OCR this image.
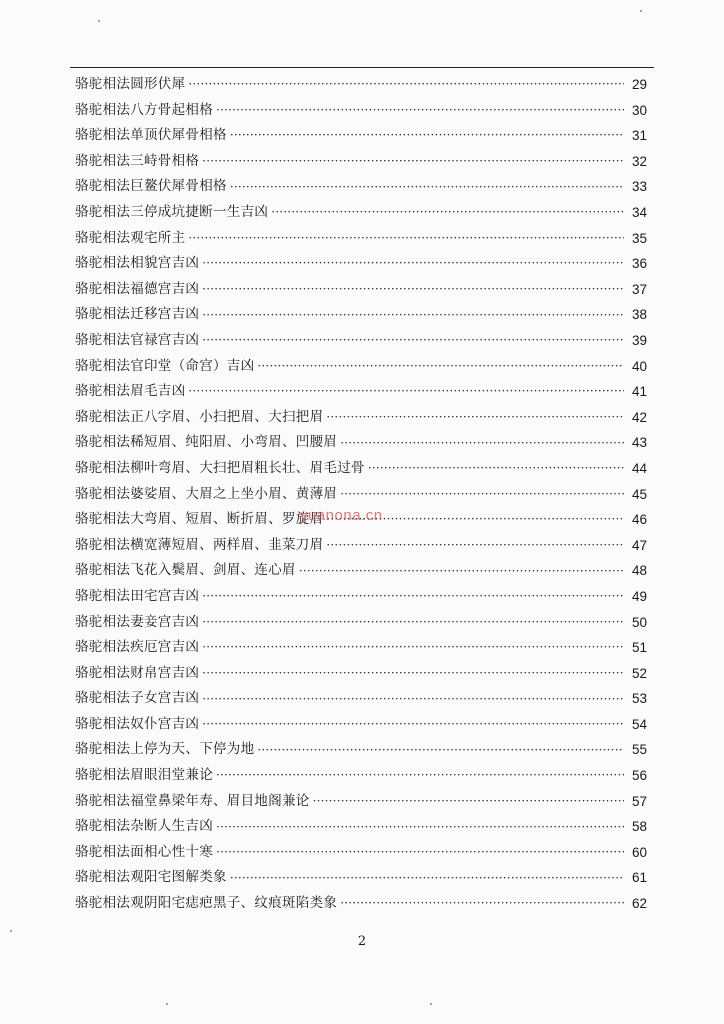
骆驼相法圆形伏犀 ·····	29
骆驼相法八方骨起相格 ·····	30
骆驼相法单顶伏犀骨相格 ·····	31
骆驼相法三峙骨相格 ·····	32
骆驼相法巨鳌伏犀骨相格 ·····	33
骆驼相法三停成坑捷断一生吉凶 ·····	34
骆驼相法观宅所主 ·····	35
骆驼相法相貌宫吉凶 ·····	36
骆驼相法福德宫吉凶 ·····	37
骆驼相法迁移宫吉凶 ·····	38
骆驼相法官禄宫吉凶 ·····	39
骆驼相法官印堂（命宫）吉凶 ·····	40
骆驼相法眉毛吉凶 ·····	41
骆驼相法正八字眉、小扫把眉、大扫把眉 ·····	42
骆驼相法稀短眉、纯阳眉、小弯眉、凹腰眉 ·····	43
骆驼相法柳叶弯眉、大扫把眉粗长壮、眉毛过骨 ·····	44
骆驼相法婆娑眉、大眉之上坐小眉、黄薄眉 ·····	45
骆驼相法大弯眉、短眉、断折眉、罗旋眉 ·····	46
骆驼相法横宽薄短眉、两样眉、韭菜刀眉 ·····	47
骆驼相法飞花入鬓眉、剑眉、连心眉 ·····	48
骆驼相法田宅宫吉凶 ·····	49
骆驼相法妻妾宫吉凶 ·····	50
骆驼相法疾厄宫吉凶 ·····	51
骆驼相法财帛宫吉凶 ·····	52
骆驼相法子女宫吉凶 ·····	53
骆驼相法奴仆宫吉凶 ·····	54
骆驼相法上停为天、下停为地 ·····	55
骆驼相法眉眼泪堂兼论 ·····	56
骆驼相法福堂鼻梁年寿、眉目地阁兼论 ·····	57
骆驼相法杂断人生吉凶 ·····	58
骆驼相法面相心性十寒 ·····	60
骆驼相法观阳宅图解类象 ·····	61
骆驼相法观阴阳宅痣疤黑子、纹痕斑陷类象 ·····	62
yuanona.cn
2
